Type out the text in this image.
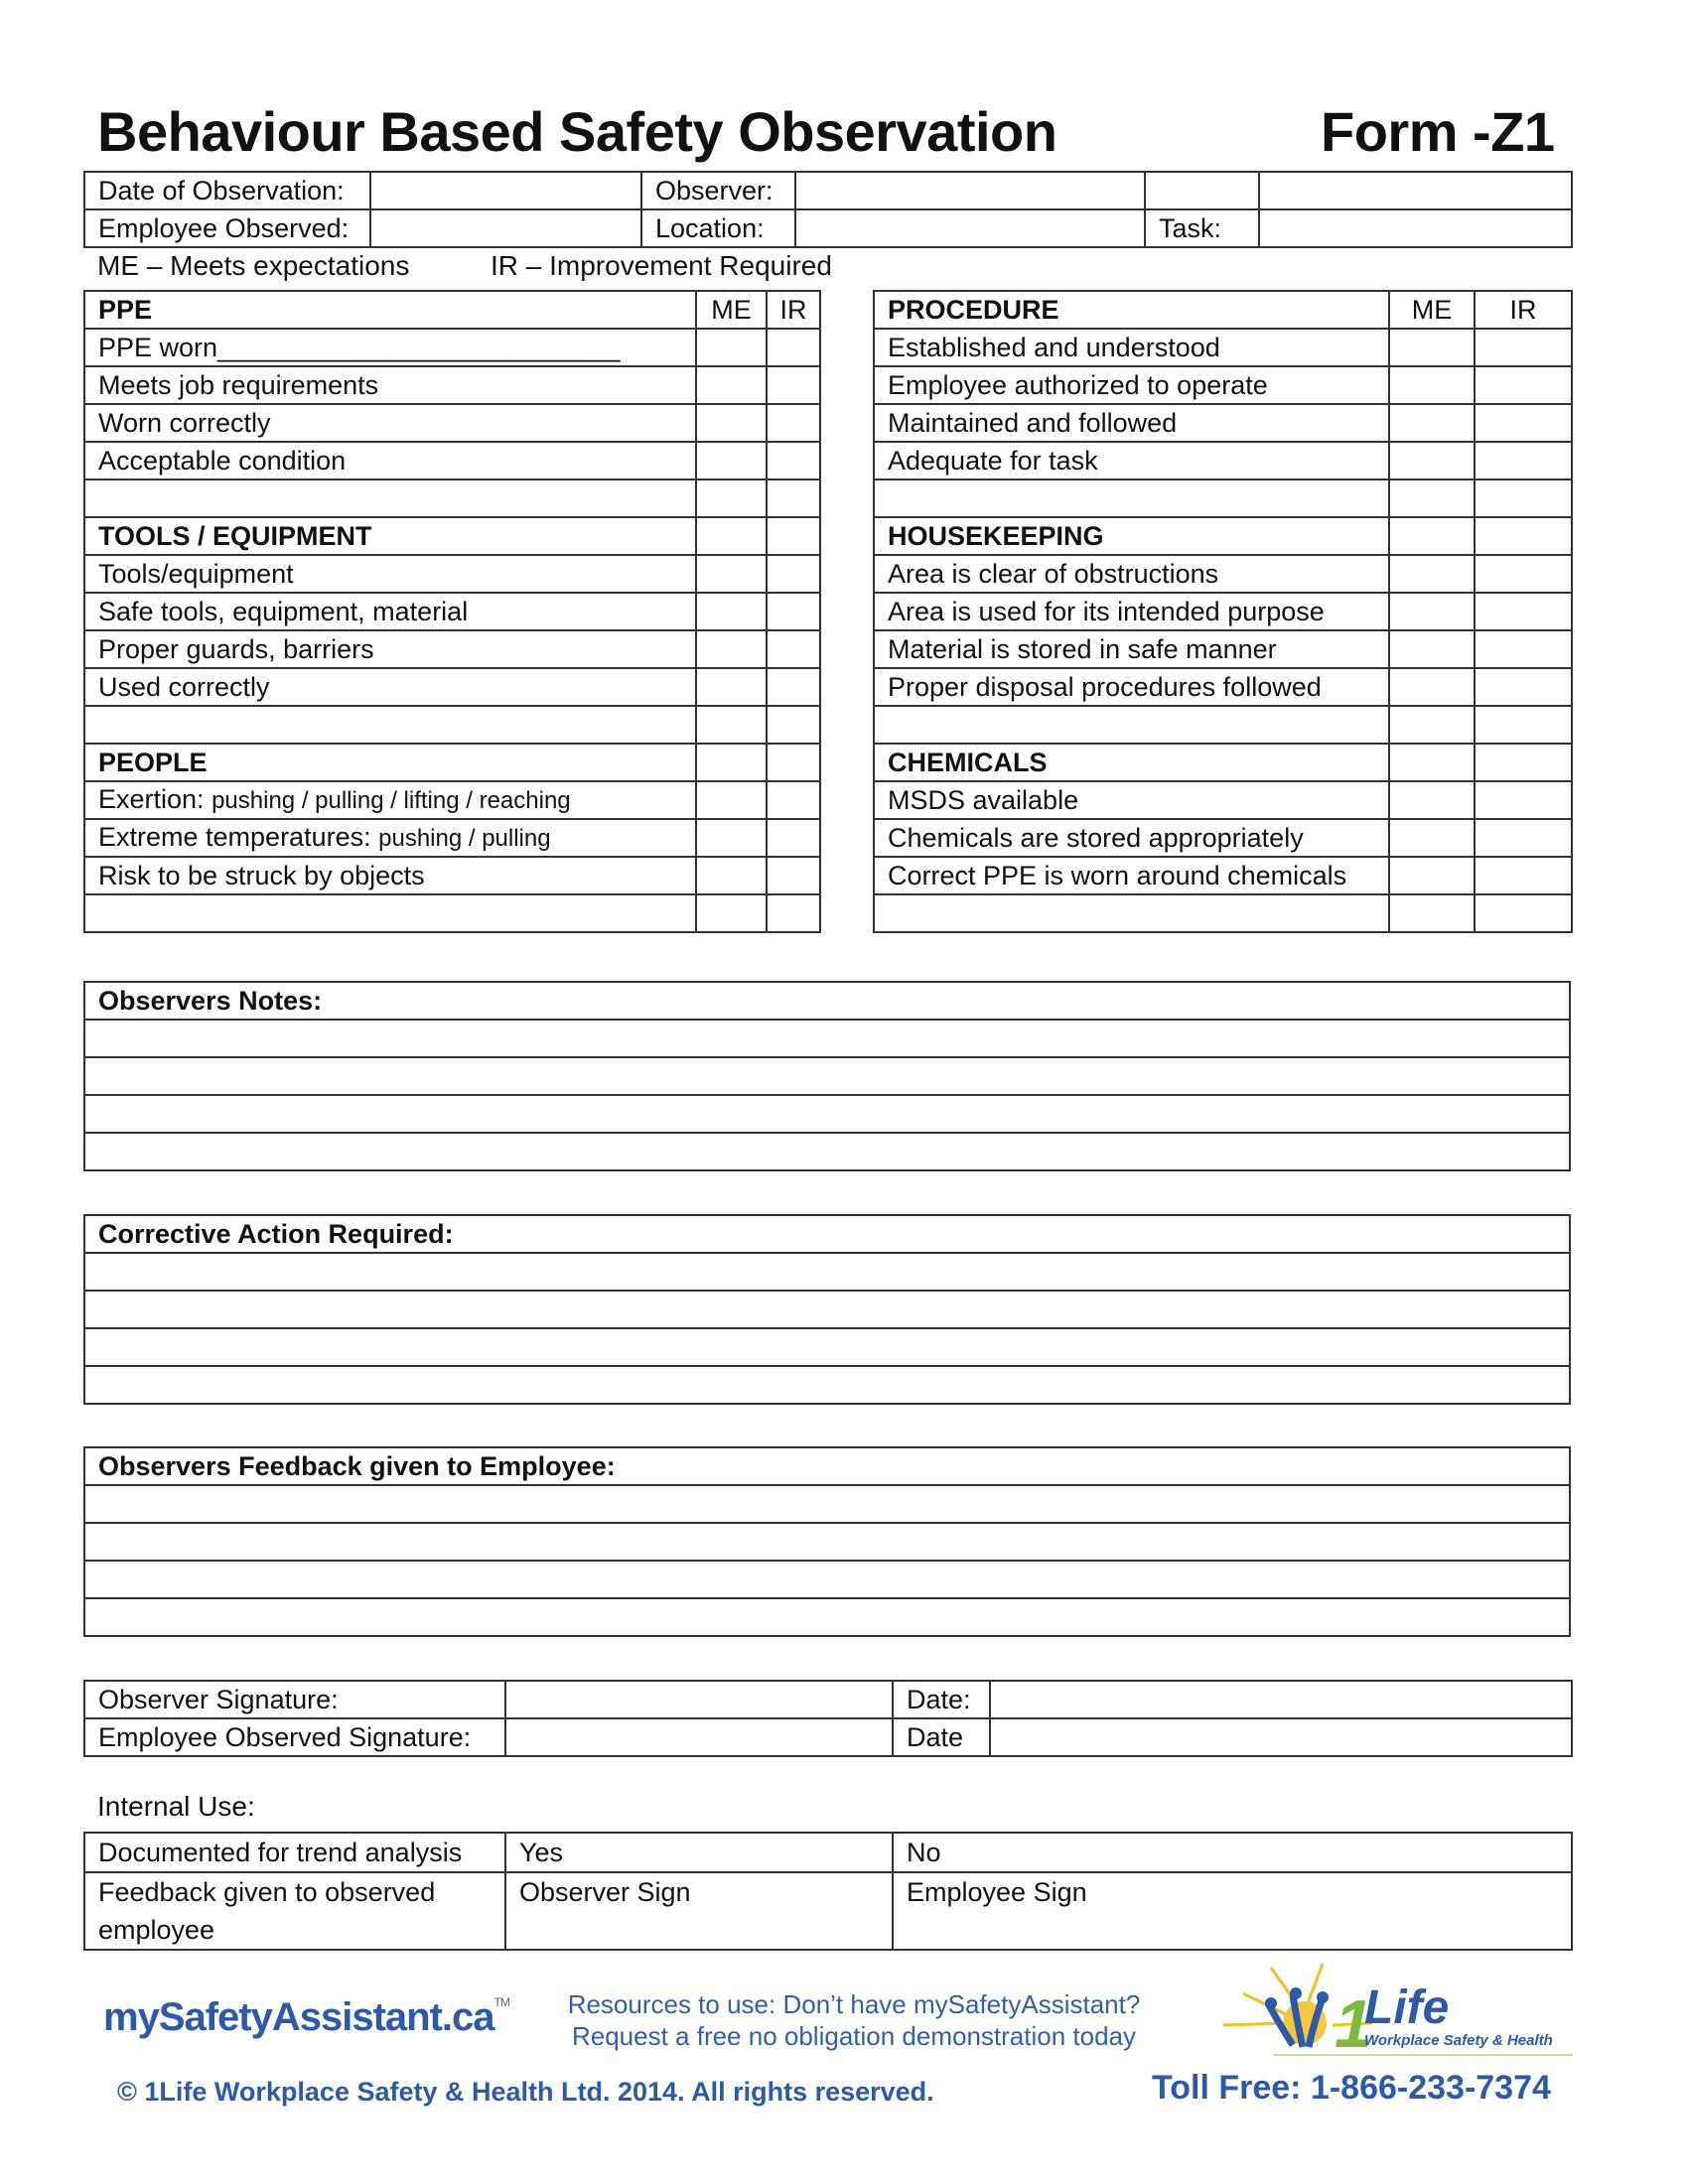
Behaviour Based Safety Observation	Form -Z1
Date of Observation:		Observer:			
Employee Observed:		Location:		Task:	
ME – Meets expectations	IR – Improvement Required
PPE	ME	IR
PPE worn___________________________		
Meets job requirements		
Worn correctly		
Acceptable condition		

TOOLS / EQUIPMENT		
Tools/equipment		
Safe tools, equipment, material		
Proper guards, barriers		
Used correctly		

PEOPLE		
Exertion: pushing / pulling / lifting / reaching		
Extreme temperatures: pushing / pulling		
Risk to be struck by objects		

PROCEDURE	ME	IR
Established and understood		
Employee authorized to operate		
Maintained and followed		
Adequate for task		

HOUSEKEEPING		
Area is clear of obstructions		
Area is used for its intended purpose		
Material is stored in safe manner		
Proper disposal procedures followed		

CHEMICALS		
MSDS available		
Chemicals are stored appropriately		
Correct PPE is worn around chemicals		

Observers Notes:

Corrective Action Required:

Observers Feedback given to Employee:

Observer Signature:		Date:	
Employee Observed Signature:		Date	
Internal Use:
Documented for trend analysis	Yes	No
Feedback given to observed employee	Observer Sign	Employee Sign
mySafetyAssistant.ca™	Resources to use: Don’t have mySafetyAssistant?
Request a free no obligation demonstration today	1
Life
Workplace Safety & Health
© 1Life Workplace Safety & Health Ltd. 2014. All rights reserved.	Toll Free: 1-866-233-7374
